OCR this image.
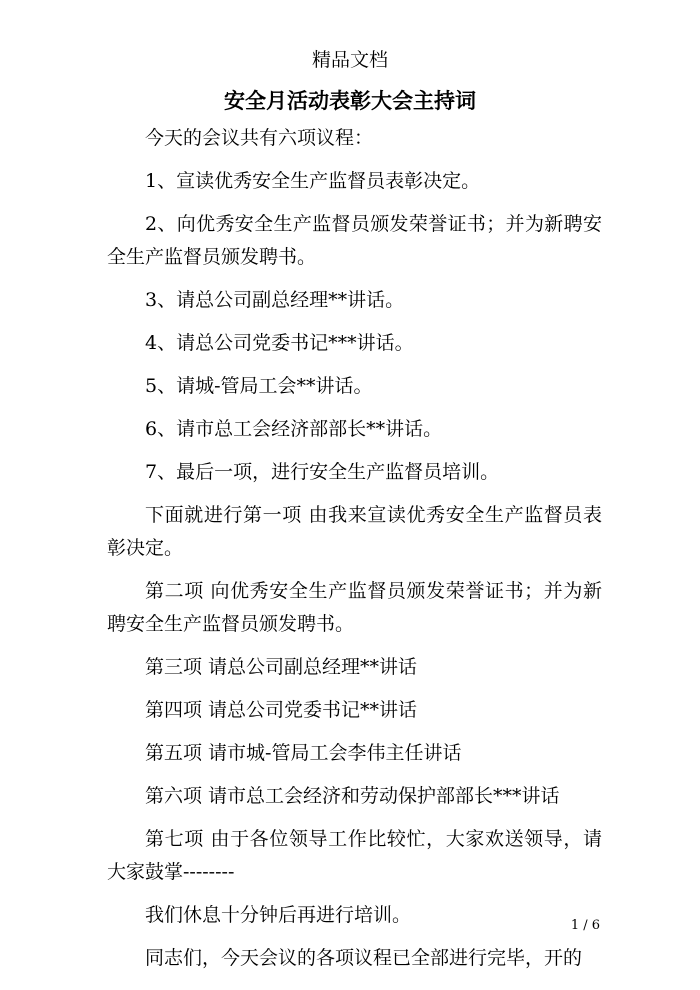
精品文档
安全月活动表彰大会主持词

今天的会议共有六项议程：

1、宣读优秀安全生产监督员表彰决定。

2、向优秀安全生产监督员颁发荣誉证书；并为新聘安全生产监督员颁发聘书。

3、请总公司副总经理**讲话。

4、请总公司党委书记***讲话。

5、请城-管局工会**讲话。

6、请市总工会经济部部长**讲话。

7、最后一项，进行安全生产监督员培训。

下面就进行第一项 由我来宣读优秀安全生产监督员表彰决定。

第二项 向优秀安全生产监督员颁发荣誉证书；并为新聘安全生产监督员颁发聘书。

第三项 请总公司副总经理**讲话

第四项 请总公司党委书记**讲话

第五项 请市城-管局工会李伟主任讲话

第六项 请市总工会经济和劳动保护部部长***讲话

第七项 由于各位领导工作比较忙，大家欢送领导，请大家鼓掌--------

我们休息十分钟后再进行培训。

同志们，今天会议的各项议程已全部进行完毕，开的

1 / 6
